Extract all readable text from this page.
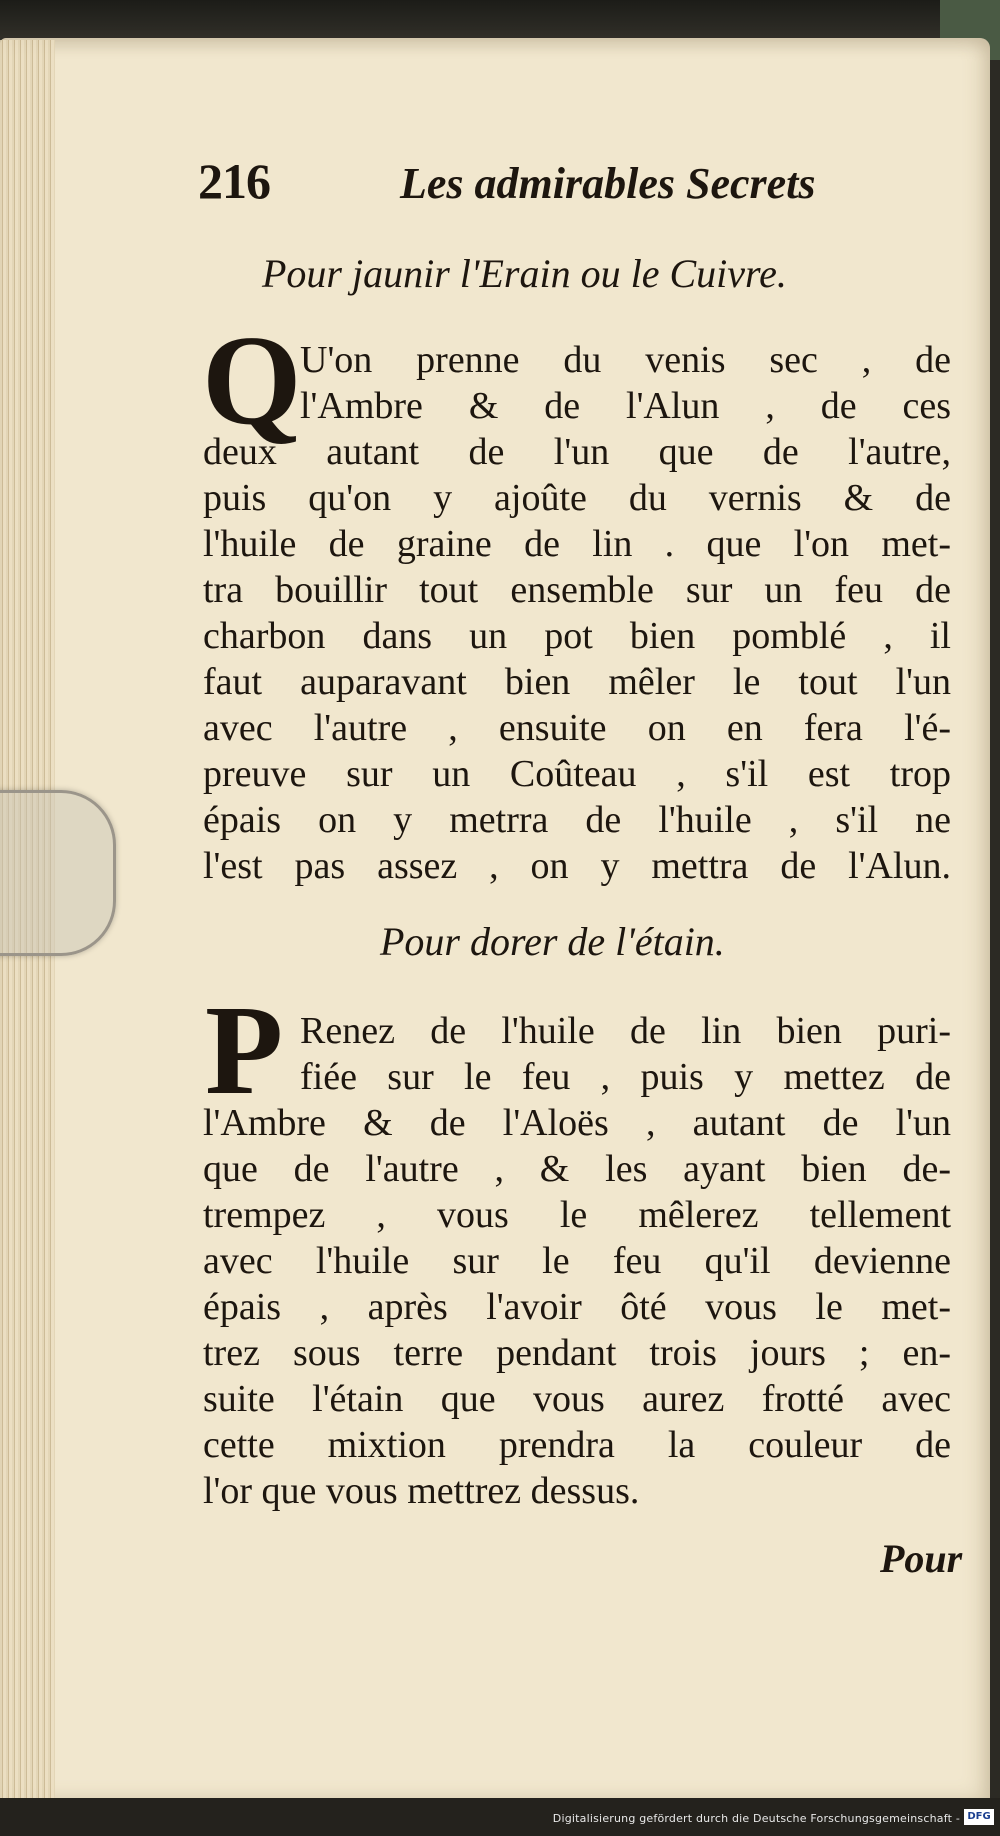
216	Les admirables Secrets
Pour jaunir l'Erain ou le Cuivre.
Q
U'on prenne du venis sec , de
l'Ambre & de l'Alun , de ces
deux autant de l'un que de l'autre,
puis qu'on y ajoûte du vernis & de
l'huile de graine de lin . que l'on met-
tra bouillir tout ensemble sur un feu de
charbon dans un pot bien pomblé , il
faut auparavant bien mêler le tout l'un
avec l'autre , ensuite on en fera l'é-
preuve sur un Coûteau , s'il est trop
épais on y metrra de l'huile , s'il ne
l'est pas assez , on y mettra de l'Alun.
Pour dorer de l'étain.
P Renez de l'huile de lin bien puri-
fiée sur le feu , puis y mettez de
l'Ambre & de l'Aloës , autant de l'un
que de l'autre , & les ayant bien de-
trempez , vous le mêlerez tellement
avec l'huile sur le feu qu'il devienne
épais , après l'avoir ôté vous le met-
trez sous terre pendant trois jours ; en-
suite l'étain que vous aurez frotté avec
cette mixtion prendra la couleur de
l'or que vous mettrez dessus.
Pour
Digitalisierung gefördert durch die Deutsche Forschungsgemeinschaft - DFG
